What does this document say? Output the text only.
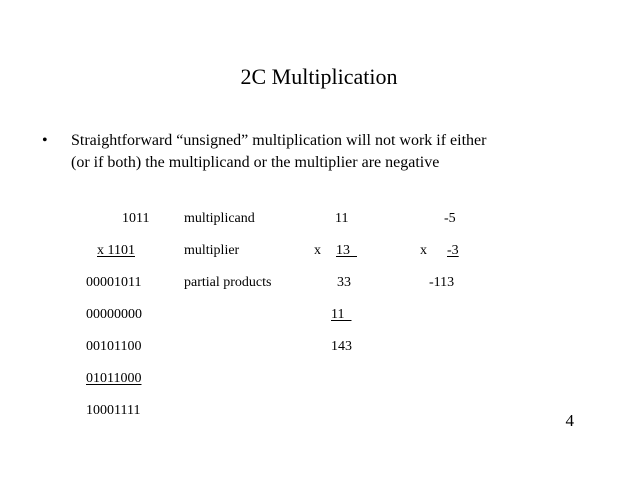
2C Multiplication
• Straightforward “unsigned” multiplication will not work if either
(or if both) the multiplicand or the multiplier are negative
1011
x 1101
00001011
00000000
00101100
01011000
10001111
multiplicand
multiplier
partial products
11
x 13
33
11
143
-5
x -3
-113
4
